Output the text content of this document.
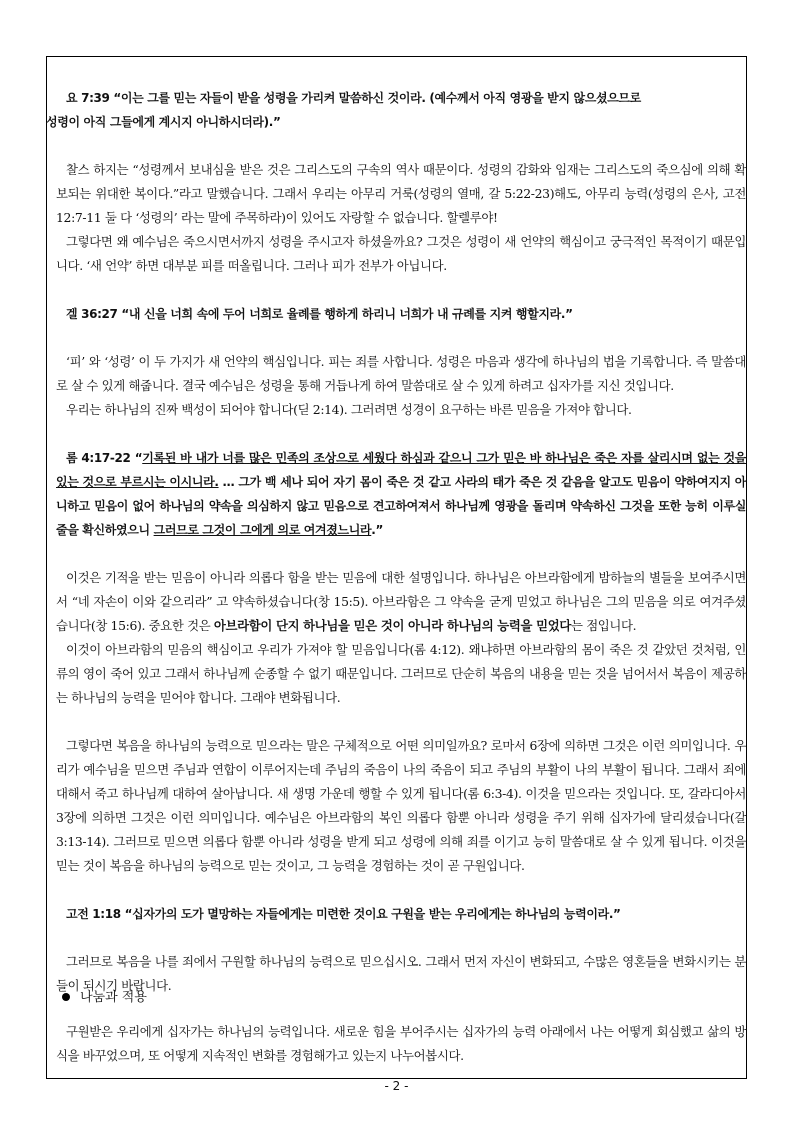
요 7:39 “이는 그를 믿는 자들이 받을 성령을 가리켜 말씀하신 것이라. (예수께서 아직 영광을 받지 않으셨으므로
성령이 아직 그들에게 계시지 아니하시더라).”

찰스 하지는 “성령께서 보내심을 받은 것은 그리스도의 구속의 역사 때문이다. 성령의 감화와 임재는 그리스도의 죽으심에 의해 확보되는 위대한 복이다.”라고 말했습니다. 그래서 우리는 아무리 거룩(성령의 열매, 갈 5:22-23)해도, 아무리 능력(성령의 은사, 고전 12:7-11 둘 다 ‘성령의’ 라는 말에 주목하라)이 있어도 자랑할 수 없습니다. 할렐루야!

그렇다면 왜 예수님은 죽으시면서까지 성령을 주시고자 하셨을까요? 그것은 성령이 새 언약의 핵심이고 궁극적인 목적이기 때문입니다. ‘새 언약’ 하면 대부분 피를 떠올립니다. 그러나 피가 전부가 아닙니다.

겔 36:27 “내 신을 너희 속에 두어 너희로 율례를 행하게 하리니 너희가 내 규례를 지켜 행할지라.”

‘피’ 와 ‘성령’ 이 두 가지가 새 언약의 핵심입니다. 피는 죄를 사합니다. 성령은 마음과 생각에 하나님의 법을 기록합니다. 즉 말씀대로 살 수 있게 해줍니다. 결국 예수님은 성령을 통해 거듭나게 하여 말씀대로 살 수 있게 하려고 십자가를 지신 것입니다.

우리는 하나님의 진짜 백성이 되어야 합니다(딛 2:14). 그러려면 성경이 요구하는 바른 믿음을 가져야 합니다.

롬 4:17-22 “기록된 바 내가 너를 많은 민족의 조상으로 세웠다 하심과 같으니 그가 믿은 바 하나님은 죽은 자를 살리시며 없는 것을 있는 것으로 부르시는 이시니라. … 그가 백 세나 되어 자기 몸이 죽은 것 같고 사라의 태가 죽은 것 같음을 알고도 믿음이 약하여지지 아니하고 믿음이 없어 하나님의 약속을 의심하지 않고 믿음으로 견고하여져서 하나님께 영광을 돌리며 약속하신 그것을 또한 능히 이루실 줄을 확신하였으니 그러므로 그것이 그에게 의로 여겨졌느니라.”

이것은 기적을 받는 믿음이 아니라 의롭다 함을 받는 믿음에 대한 설명입니다. 하나님은 아브라함에게 밤하늘의 별들을 보여주시면서 “네 자손이 이와 같으리라” 고 약속하셨습니다(창 15:5). 아브라함은 그 약속을 굳게 믿었고 하나님은 그의 믿음을 의로 여겨주셨습니다(창 15:6). 중요한 것은 아브라함이 단지 하나님을 믿은 것이 아니라 하나님의 능력을 믿었다는 점입니다.

이것이 아브라함의 믿음의 핵심이고 우리가 가져야 할 믿음입니다(롬 4:12). 왜냐하면 아브라함의 몸이 죽은 것 같았던 것처럼, 인류의 영이 죽어 있고 그래서 하나님께 순종할 수 없기 때문입니다. 그러므로 단순히 복음의 내용을 믿는 것을 넘어서서 복음이 제공하는 하나님의 능력을 믿어야 합니다. 그래야 변화됩니다.

그렇다면 복음을 하나님의 능력으로 믿으라는 말은 구체적으로 어떤 의미일까요? 로마서 6장에 의하면 그것은 이런 의미입니다. 우리가 예수님을 믿으면 주님과 연합이 이루어지는데 주님의 죽음이 나의 죽음이 되고 주님의 부활이 나의 부활이 됩니다. 그래서 죄에 대해서 죽고 하나님께 대하여 살아납니다. 새 생명 가운데 행할 수 있게 됩니다(롬 6:3-4). 이것을 믿으라는 것입니다. 또, 갈라디아서 3장에 의하면 그것은 이런 의미입니다. 예수님은 아브라함의 복인 의롭다 함뿐 아니라 성령을 주기 위해 십자가에 달리셨습니다(갈 3:13-14). 그러므로 믿으면 의롭다 함뿐 아니라 성령을 받게 되고 성령에 의해 죄를 이기고 능히 말씀대로 살 수 있게 됩니다. 이것을 믿는 것이 복음을 하나님의 능력으로 믿는 것이고, 그 능력을 경험하는 것이 곧 구원입니다.

고전 1:18 “십자가의 도가 멸망하는 자들에게는 미련한 것이요 구원을 받는 우리에게는 하나님의 능력이라.”

그러므로 복음을 나를 죄에서 구원할 하나님의 능력으로 믿으십시오. 그래서 먼저 자신이 변화되고, 수많은 영혼들을 변화시키는 분들이 되시기 바랍니다.

나눔과 적용

구원받은 우리에게 십자가는 하나님의 능력입니다. 새로운 힘을 부어주시는 십자가의 능력 아래에서 나는 어떻게 회심했고 삶의 방식을 바꾸었으며, 또 어떻게 지속적인 변화를 경험해가고 있는지 나누어봅시다.

- 2 -
